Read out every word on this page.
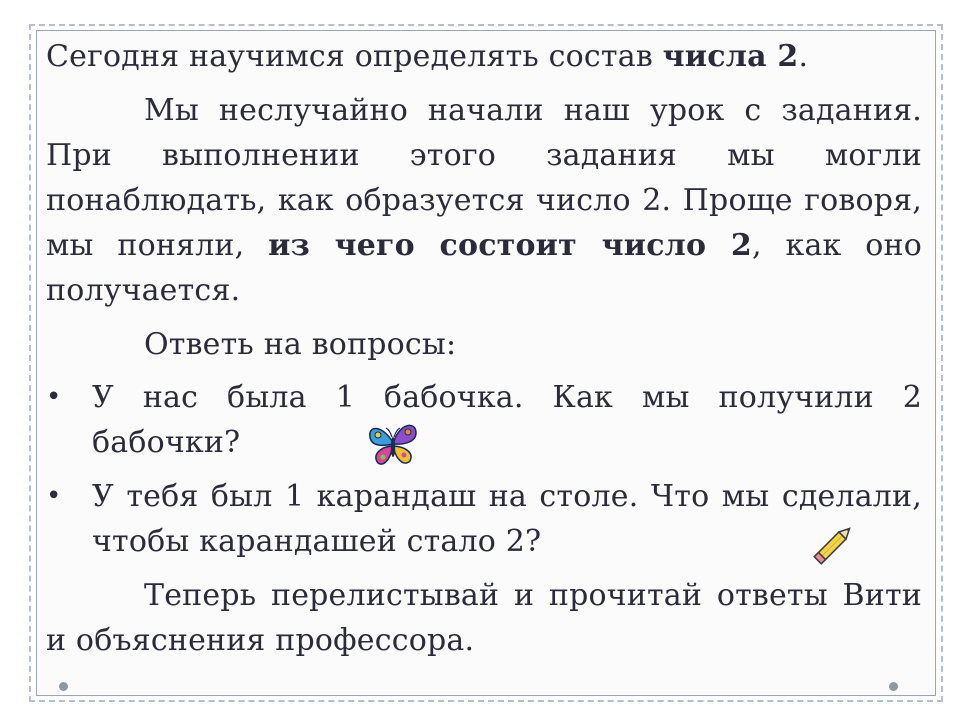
Сегодня научимся определять состав числа 2.

Мы неслучайно начали наш урок с задания. При выполнении этого задания мы могли понаблюдать, как образуется число 2. Проще говоря, мы поняли, из чего состоит число 2, как оно получается.

Ответь на вопросы:

• У нас была 1 бабочка. Как мы получили 2 бабочки?
• У тебя был 1 карандаш на столе. Что мы сделали, чтобы карандашей стало 2?

Теперь перелистывай и прочитай ответы Вити и объяснения профессора.
